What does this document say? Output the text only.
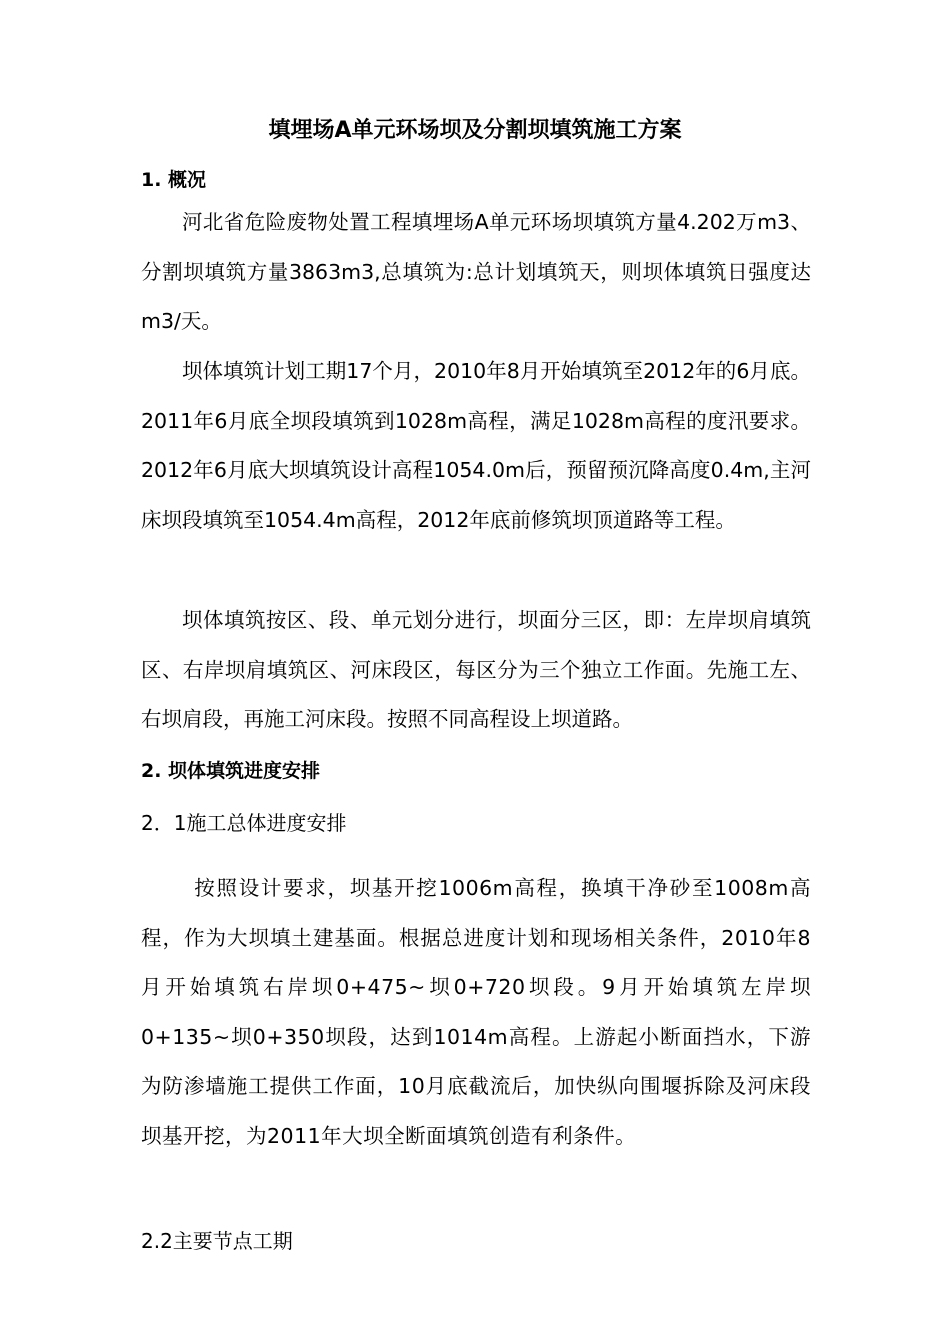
填埋场A单元环场坝及分割坝填筑施工方案
1. 概况

河北省危险废物处置工程填埋场A单元环场坝填筑方量4.202万m3、分割坝填筑方量3863m3,总填筑为:总计划填筑天，则坝体填筑日强度达m3/天。

坝体填筑计划工期17个月，2010年8月开始填筑至2012年的6月底。2011年6月底全坝段填筑到1028m高程，满足1028m高程的度汛要求。2012年6月底大坝填筑设计高程1054.0m后，预留预沉降高度0.4m,主河床坝段填筑至1054.4m高程，2012年底前修筑坝顶道路等工程。

坝体填筑按区、段、单元划分进行，坝面分三区，即：左岸坝肩填筑区、右岸坝肩填筑区、河床段区，每区分为三个独立工作面。先施工左、右坝肩段，再施工河床段。按照不同高程设上坝道路。

2. 坝体填筑进度安排
2．1施工总体进度安排

按照设计要求，坝基开挖1006m高程，换填干净砂至1008m高程，作为大坝填土建基面。根据总进度计划和现场相关条件，2010年8月开始填筑右岸坝0+475~坝0+720坝段。9月开始填筑左岸坝0+135~坝0+350坝段，达到1014m高程。上游起小断面挡水，下游为防渗墙施工提供工作面，10月底截流后，加快纵向围堰拆除及河床段坝基开挖，为2011年大坝全断面填筑创造有利条件。

2.2主要节点工期
